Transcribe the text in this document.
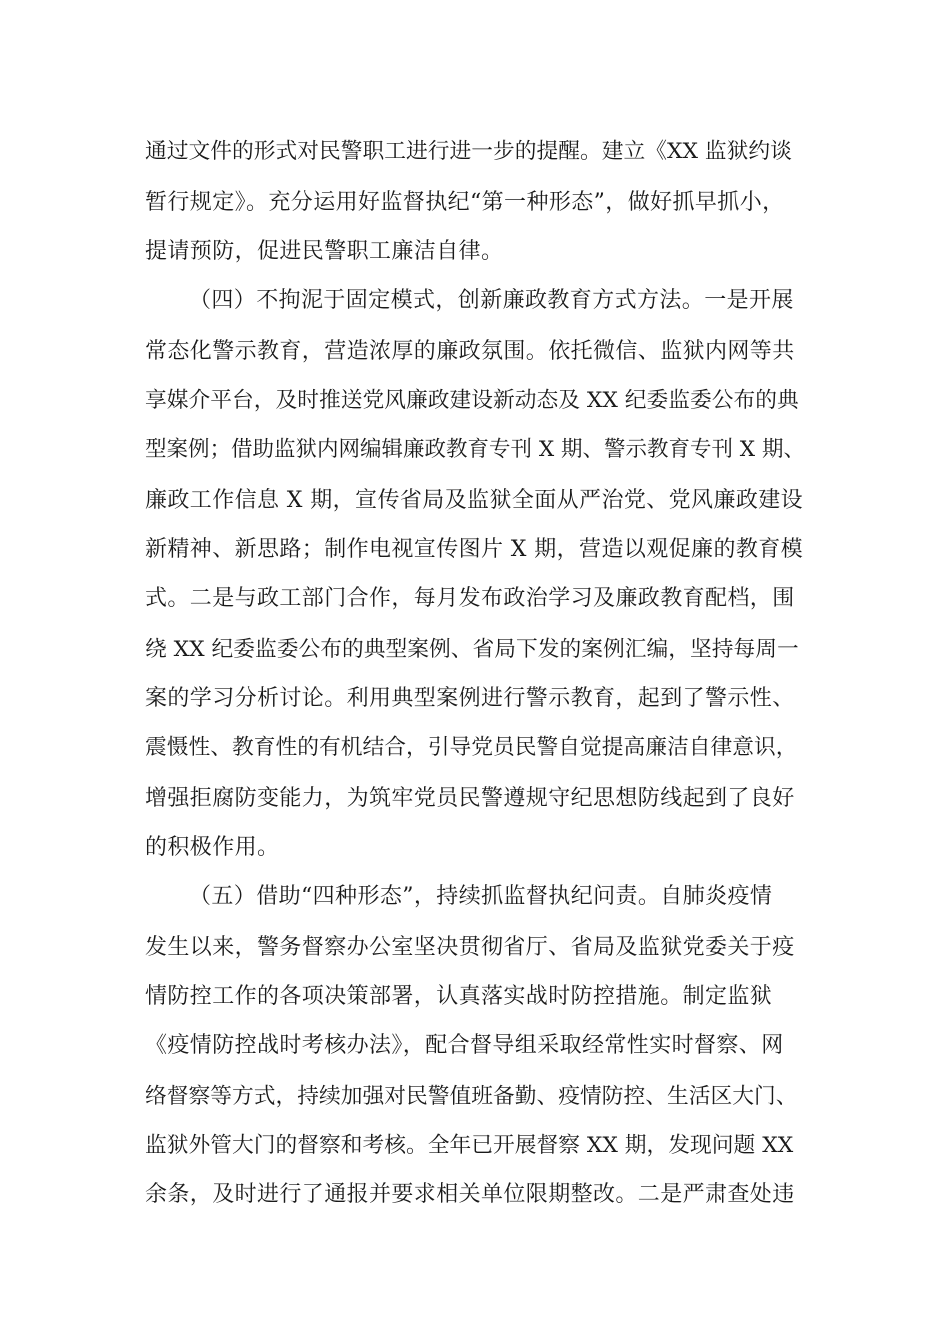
通过文件的形式对民警职工进行进一步的提醒。建立《XX 监狱约谈
暂行规定》。充分运用好监督执纪“第一种形态”，做好抓早抓小，
提请预防，促进民警职工廉洁自律。
（四）不拘泥于固定模式，创新廉政教育方式方法。一是开展
常态化警示教育，营造浓厚的廉政氛围。依托微信、监狱内网等共
享媒介平台，及时推送党风廉政建设新动态及 XX 纪委监委公布的典
型案例；借助监狱内网编辑廉政教育专刊 X 期、警示教育专刊 X 期、
廉政工作信息 X 期，宣传省局及监狱全面从严治党、党风廉政建设
新精神、新思路；制作电视宣传图片 X 期，营造以观促廉的教育模
式。二是与政工部门合作，每月发布政治学习及廉政教育配档，围
绕 XX 纪委监委公布的典型案例、省局下发的案例汇编，坚持每周一
案的学习分析讨论。利用典型案例进行警示教育，起到了警示性、
震慑性、教育性的有机结合，引导党员民警自觉提高廉洁自律意识，
增强拒腐防变能力，为筑牢党员民警遵规守纪思想防线起到了良好
的积极作用。
（五）借助“四种形态”，持续抓监督执纪问责。自肺炎疫情
发生以来，警务督察办公室坚决贯彻省厅、省局及监狱党委关于疫
情防控工作的各项决策部署，认真落实战时防控措施。制定监狱
《疫情防控战时考核办法》，配合督导组采取经常性实时督察、网
络督察等方式，持续加强对民警值班备勤、疫情防控、生活区大门、
监狱外管大门的督察和考核。全年已开展督察 XX 期，发现问题 XX
余条，及时进行了通报并要求相关单位限期整改。二是严肃查处违
